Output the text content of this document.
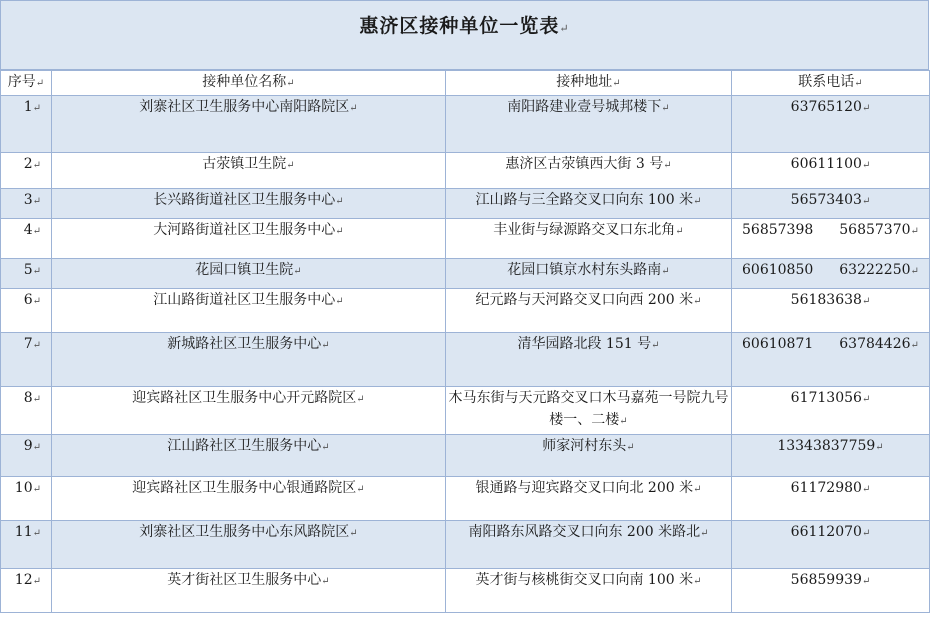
惠济区接种单位一览表↵
序号↵	接种单位名称↵	接种地址↵	联系电话↵
1↵	刘寨社区卫生服务中心南阳路院区↵	南阳路建业壹号城邦楼下↵	63765120↵
2↵	古荥镇卫生院↵	惠济区古荥镇西大街 3 号↵	60611100↵
3↵	长兴路街道社区卫生服务中心↵	江山路与三全路交叉口向东 100 米↵	56573403↵
4↵	大河路街道社区卫生服务中心↵	丰业街与绿源路交叉口东北角↵	56857398 56857370↵
5↵	花园口镇卫生院↵	花园口镇京水村东头路南↵	60610850 63222250↵
6↵	江山路街道社区卫生服务中心↵	纪元路与天河路交叉口向西 200 米↵	56183638↵
7↵	新城路社区卫生服务中心↵	清华园路北段 151 号↵	60610871 63784426↵
8↵	迎宾路社区卫生服务中心开元路院区↵	木马东街与天元路交叉口木马嘉苑一号院九号楼一、二楼↵	61713056↵
9↵	江山路社区卫生服务中心↵	师家河村东头↵	13343837759↵
10↵	迎宾路社区卫生服务中心银通路院区↵	银通路与迎宾路交叉口向北 200 米↵	61172980↵
11↵	刘寨社区卫生服务中心东风路院区↵	南阳路东风路交叉口向东 200 米路北↵	66112070↵
12↵	英才街社区卫生服务中心↵	英才街与核桃街交叉口向南 100 米↵	56859939↵
